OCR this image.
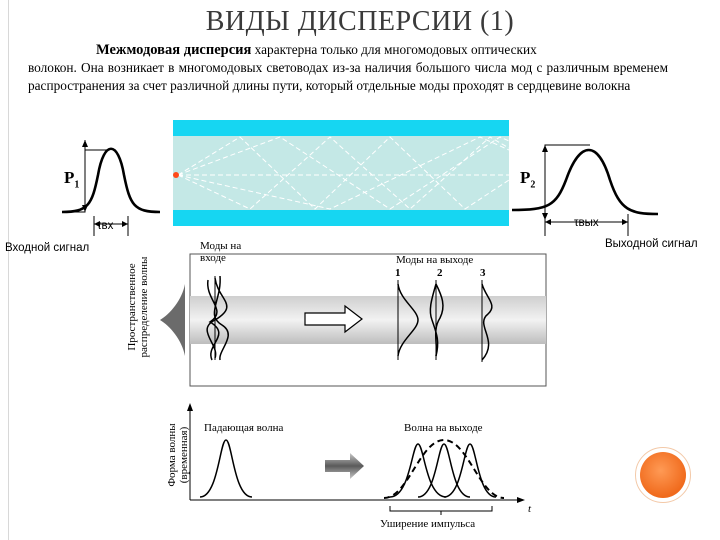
ВИДЫ ДИСПЕРСИИ (1)
Межмодовая дисперсия характерна только для многомодовых оптических
волокон. Она возникает в многомодовых световодах из-за наличия большого числа мод с различным временем распространения за счет различной длины пути, который отдельные моды проходят в сердцевине волокна
$P_1$	$P_2$
τвх	τвых
Входной сигнал	Выходной сигнал
Пространственное распределение волны
Моды на входе	Моды на выходе
1	2	3
Форма волны (временная) Падающая волна	Волна на выходе
Уширение импульса
t
